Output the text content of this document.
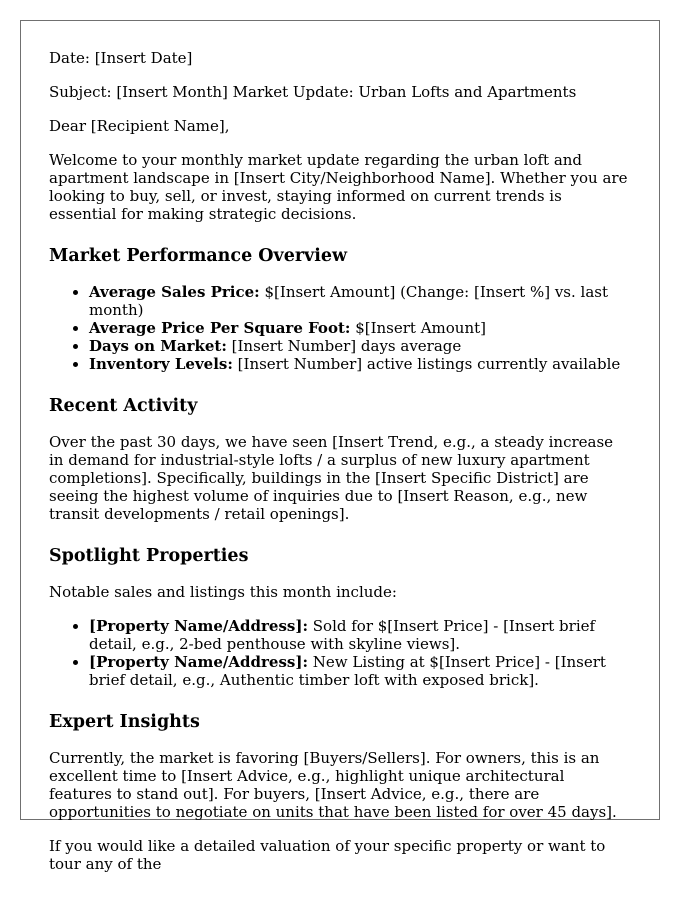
Date: [Insert Date]

Subject: [Insert Month] Market Update: Urban Lofts and Apartments

Dear [Recipient Name],

Welcome to your monthly market update regarding the urban loft and apartment landscape in [Insert City/Neighborhood Name]. Whether you are looking to buy, sell, or invest, staying informed on current trends is essential for making strategic decisions.

Market Performance Overview
• Average Sales Price: $[Insert Amount] (Change: [Insert %] vs. last month)
• Average Price Per Square Foot: $[Insert Amount]
• Days on Market: [Insert Number] days average
• Inventory Levels: [Insert Number] active listings currently available
Recent Activity

Over the past 30 days, we have seen [Insert Trend, e.g., a steady increase in demand for industrial-style lofts / a surplus of new luxury apartment completions]. Specifically, buildings in the [Insert Specific District] are seeing the highest volume of inquiries due to [Insert Reason, e.g., new transit developments / retail openings].

Spotlight Properties

Notable sales and listings this month include:

• [Property Name/Address]: Sold for $[Insert Price] - [Insert brief detail, e.g., 2-bed penthouse with skyline views].
• [Property Name/Address]: New Listing at $[Insert Price] - [Insert brief detail, e.g., Authentic timber loft with exposed brick].
Expert Insights

Currently, the market is favoring [Buyers/Sellers]. For owners, this is an excellent time to [Insert Advice, e.g., highlight unique architectural features to stand out]. For buyers, [Insert Advice, e.g., there are opportunities to negotiate on units that have been listed for over 45 days].

If you would like a detailed valuation of your specific property or want to tour any of the
